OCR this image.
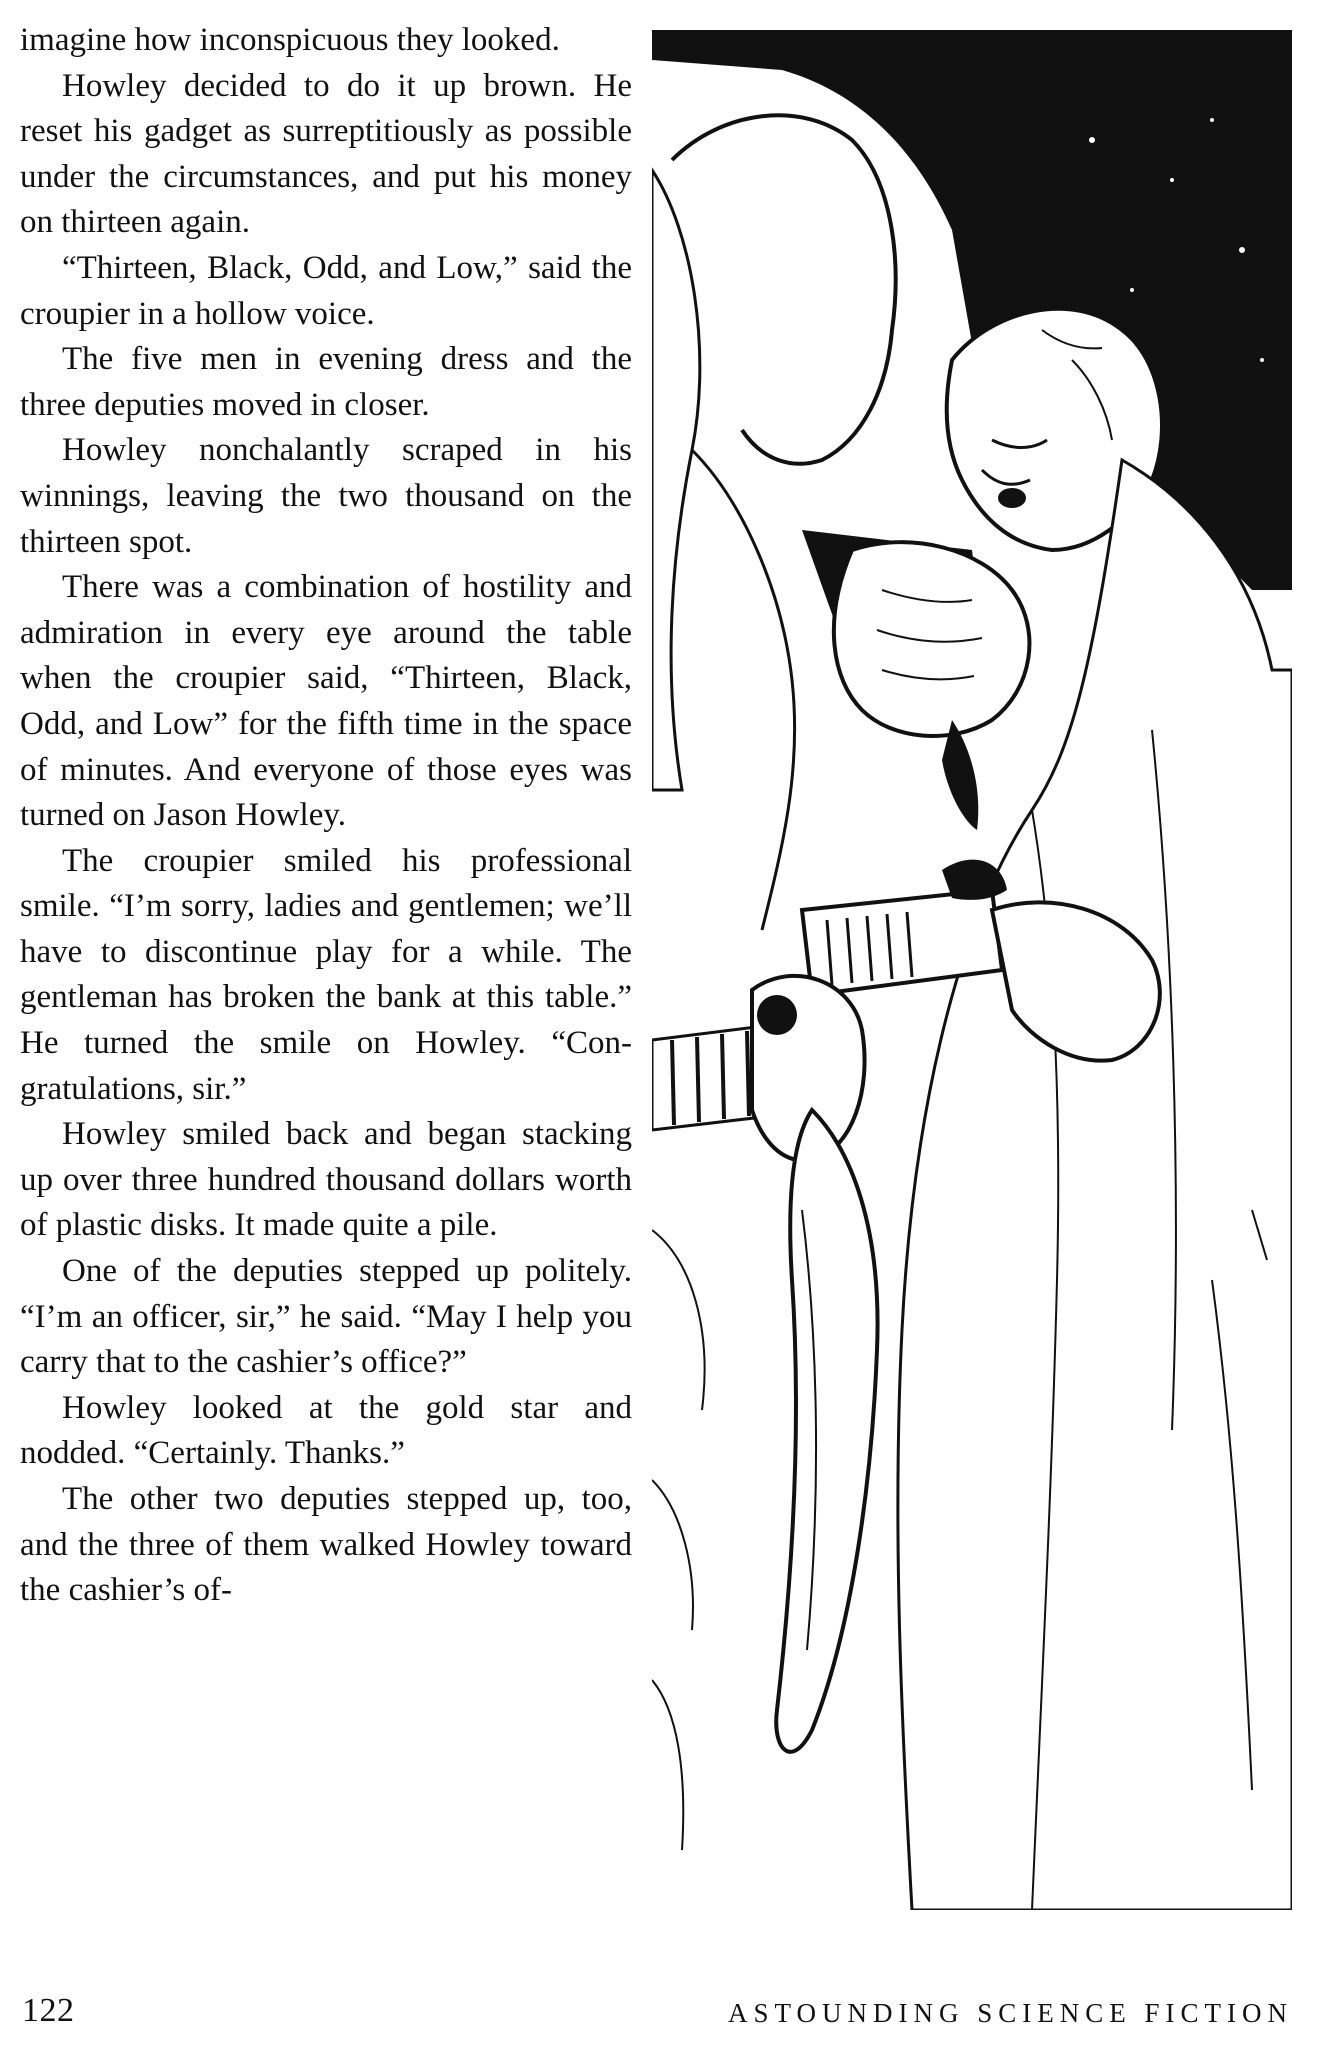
imagine how inconspicuous they looked.

Howley decided to do it up brown. He reset his gadget as surreptitiously as possible under the circumstances, and put his money on thirteen again.

“Thirteen, Black, Odd, and Low,” said the croupier in a hollow voice.

The five men in evening dress and the three deputies moved in closer.

Howley nonchalantly scraped in his winnings, leaving the two thousand on the thirteen spot.

There was a combination of hostility and admiration in every eye around the table when the croupier said, “Thirteen, Black, Odd, and Low” for the fifth time in the space of minutes. And everyone of those eyes was turned on Jason Howley.

The croupier smiled his professional smile. “I’m sorry, ladies and gentlemen; we’ll have to discontinue play for a while. The gentleman has broken the bank at this table.” He turned the smile on Howley. “Congratulations, sir.”

Howley smiled back and began stacking up over three hundred thousand dollars worth of plastic disks. It made quite a pile.

One of the deputies stepped up politely. “I’m an officer, sir,” he said. “May I help you carry that to the cashier’s office?”

Howley looked at the gold star and nodded. “Certainly. Thanks.”

The other two deputies stepped up, too, and the three of them walked Howley toward the cashier’s of-

122	ASTOUNDING SCIENCE FICTION
